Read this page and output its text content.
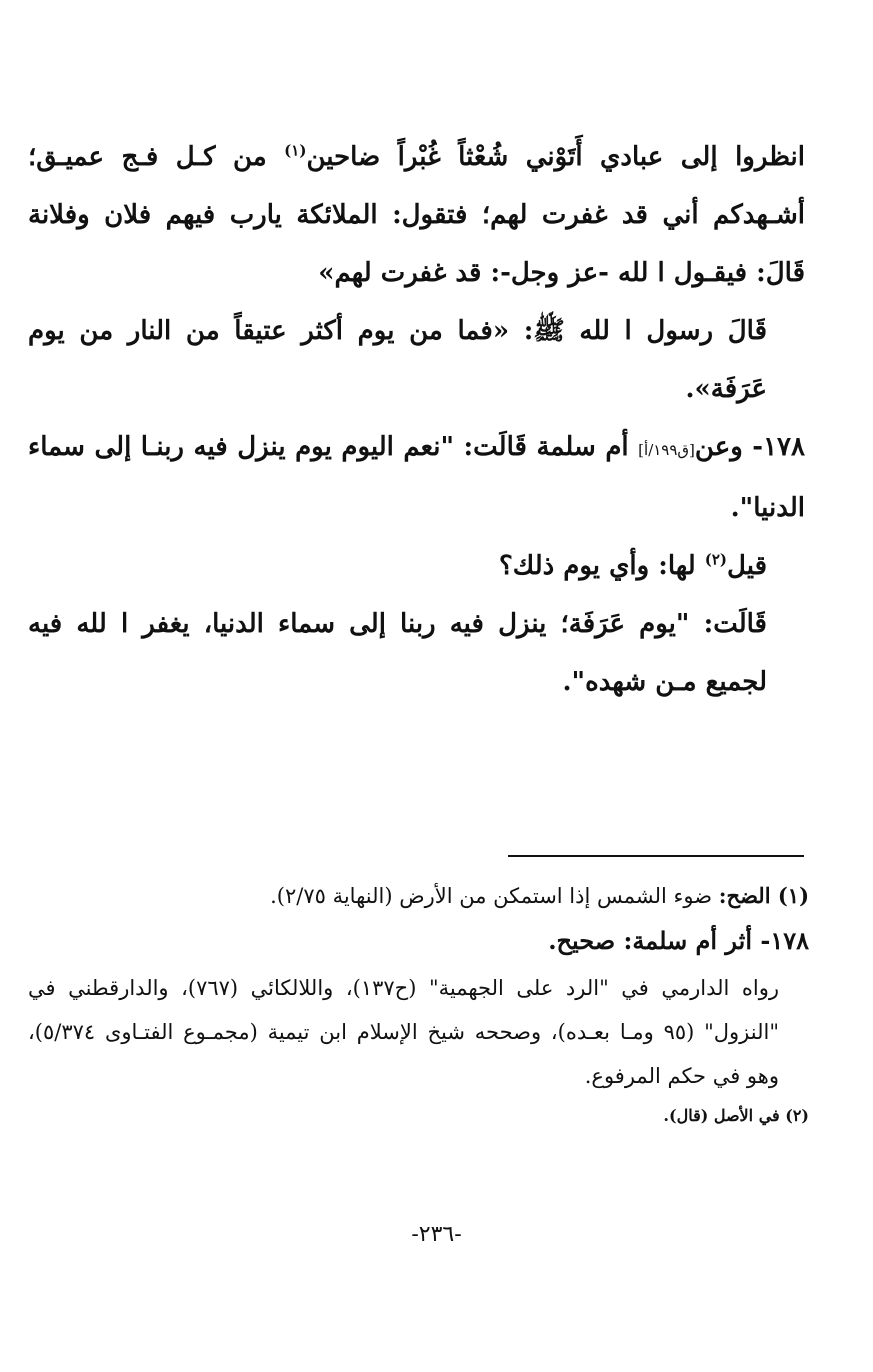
انظروا إلى عبادي أَتَوْني شُعْثاً غُبْراً ضاحين$^{(١)}$ من كـل فـج عميـق؛ أشـهدكم أني قد غفرت لهم؛ فتقول: الملائكة يارب فيهم فلان وفلانة قَالَ: فيقـول ا لله -عز وجل-: قد غفرت لهم»

قَالَ رسول ا لله ﷺ: «فما من يوم أكثر عتيقاً من النار من يوم عَرَفَة».

١٧٨- وعن[ق١٩٩/أ] أم سلمة قَالَت: "نعم اليوم يوم ينزل فيه ربنـا إلى سماء الدنيا".

قيل$^{(٢)}$ لها: وأي يوم ذلك؟

قَالَت: "يوم عَرَفَة؛ ينزل فيه ربنا إلى سماء الدنيا، يغفر ا لله فيه لجميع مـن شهده".

(١) الضح: ضوء الشمس إذا استمكن من الأرض (النهاية ٢/٧٥).
١٧٨- أثر أم سلمة: صحيح.
رواه الدارمي في "الرد على الجهمية" (ح١٣٧)، واللالكائي (٧٦٧)، والدارقطني في "النزول" (٩٥ ومـا بعـده)، وصححه شيخ الإسلام ابن تيمية (مجمـوع الفتـاوى ٥/٣٧٤)، وهو في حكم المرفوع.
(٢) في الأصل (قال).
-٢٣٦-
